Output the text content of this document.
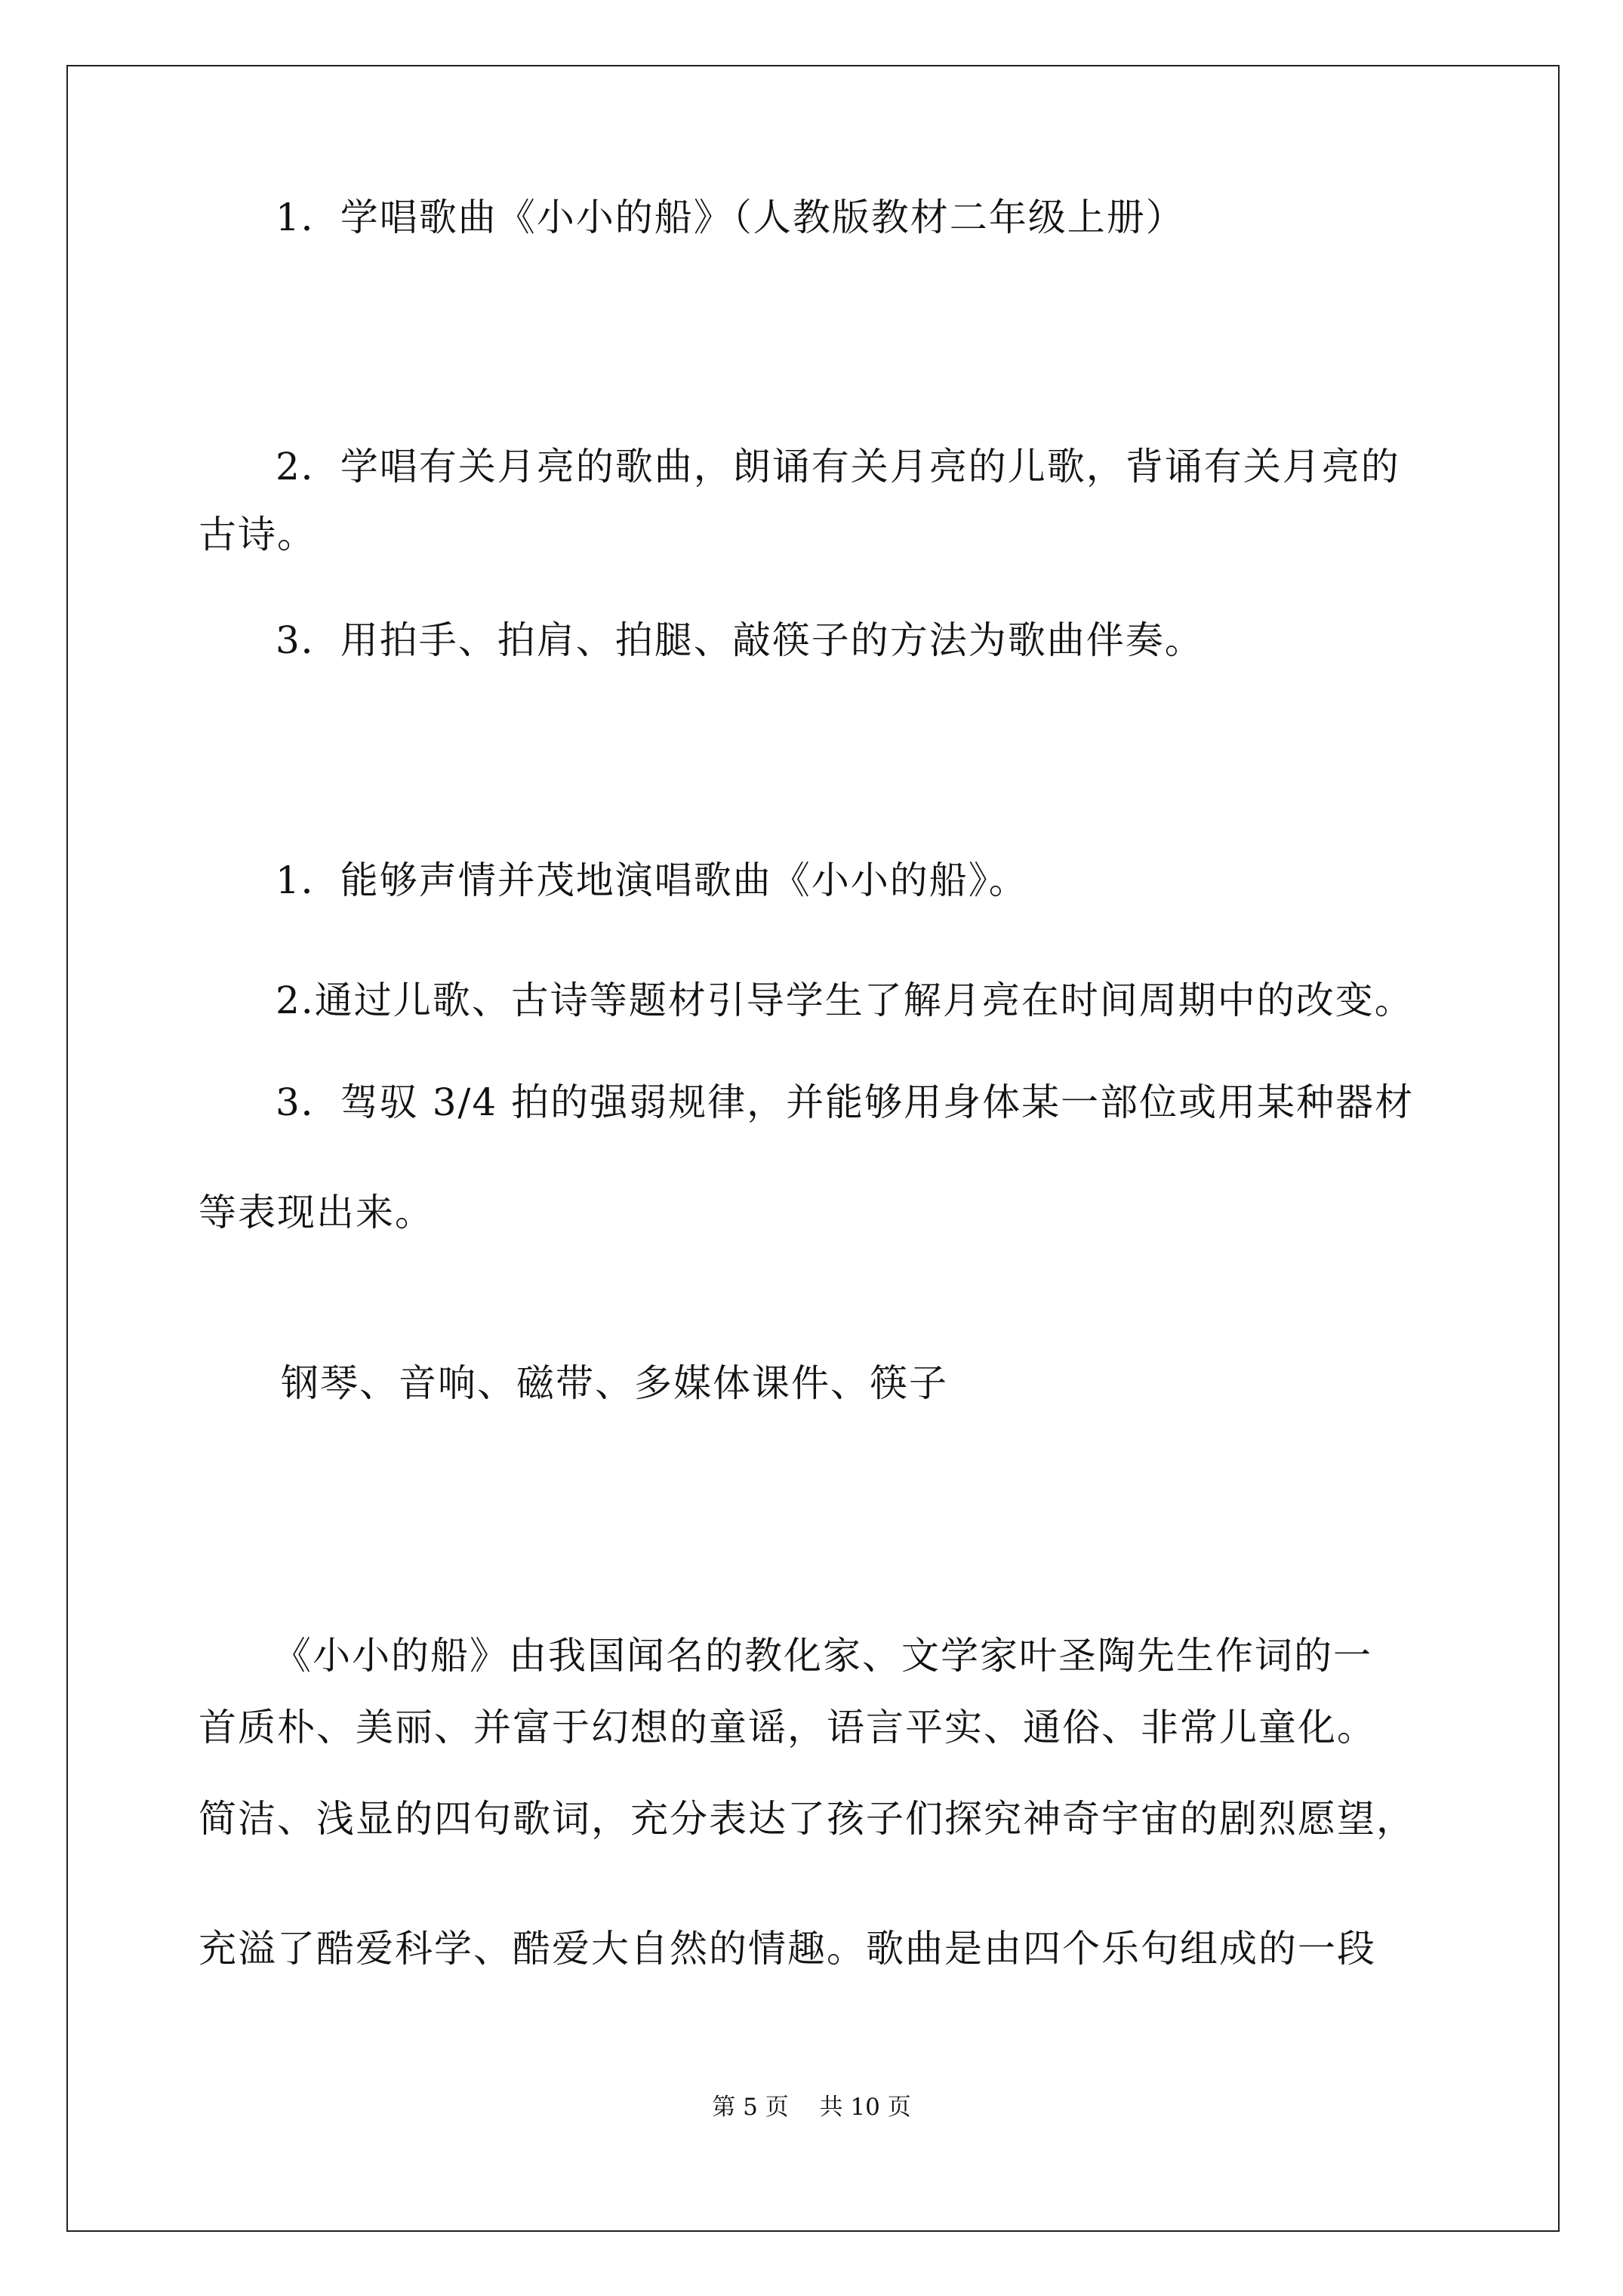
1．学唱歌曲《小小的船》（人教版教材二年级上册）
2．学唱有关月亮的歌曲，朗诵有关月亮的儿歌，背诵有关月亮的
古诗。
3．用拍手、拍肩、拍腿、敲筷子的方法为歌曲伴奏。
1．能够声情并茂地演唱歌曲《小小的船》。
2.通过儿歌、古诗等题材引导学生了解月亮在时间周期中的改变。
3．驾驭 3/4 拍的强弱规律，并能够用身体某一部位或用某种器材
等表现出来。
钢琴、音响、磁带、多媒体课件、筷子
《小小的船》由我国闻名的教化家、文学家叶圣陶先生作词的一
首质朴、美丽、并富于幻想的童谣，语言平实、通俗、非常儿童化。
简洁、浅显的四句歌词，充分表达了孩子们探究神奇宇宙的剧烈愿望，
充溢了酷爱科学、酷爱大自然的情趣。歌曲是由四个乐句组成的一段
第 5 页　 共 10 页
